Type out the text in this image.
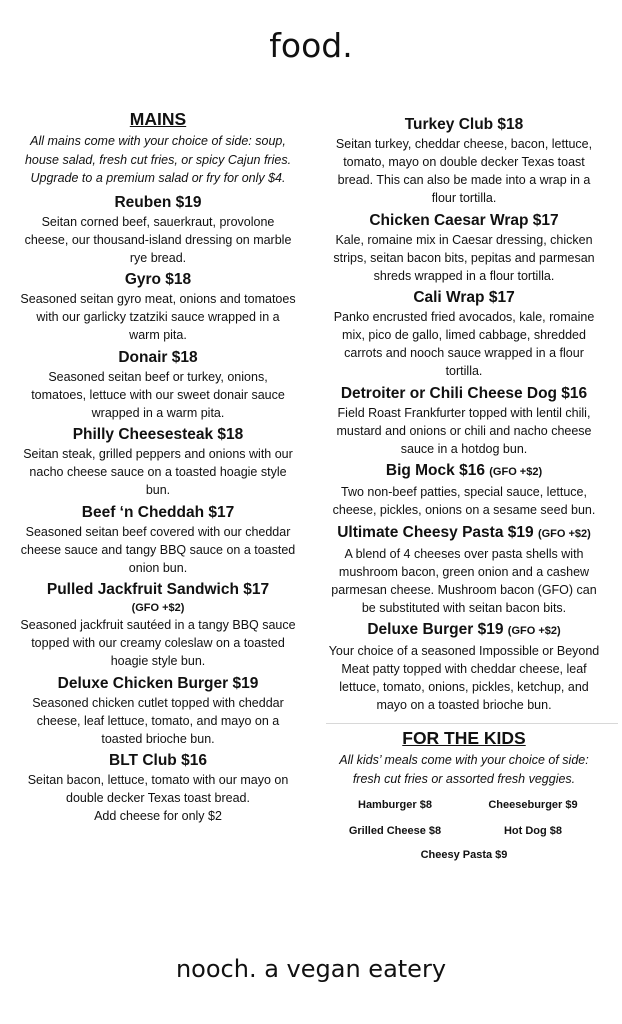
food.
MAINS
All mains come with your choice of side: soup, house salad, fresh cut fries, or spicy Cajun fries. Upgrade to a premium salad or fry for only $4.
Reuben $19
Seitan corned beef, sauerkraut, provolone cheese, our thousand-island dressing on marble rye bread.
Gyro $18
Seasoned seitan gyro meat, onions and tomatoes with our garlicky tzatziki sauce wrapped in a warm pita.
Donair $18
Seasoned seitan beef or turkey, onions, tomatoes, lettuce with our sweet donair sauce wrapped in a warm pita.
Philly Cheesesteak $18
Seitan steak, grilled peppers and onions with our nacho cheese sauce on a toasted hoagie style bun.
Beef ‘n Cheddah $17
Seasoned seitan beef covered with our cheddar cheese sauce and tangy BBQ sauce on a toasted onion bun.
Pulled Jackfruit Sandwich $17
(GFO +$2)
Seasoned jackfruit sautéed in a tangy BBQ sauce topped with our creamy coleslaw on a toasted hoagie style bun.
Deluxe Chicken Burger $19
Seasoned chicken cutlet topped with cheddar cheese, leaf lettuce, tomato, and mayo on a toasted brioche bun.
BLT Club $16
Seitan bacon, lettuce, tomato with our mayo on double decker Texas toast bread.
Add cheese for only $2
Turkey Club $18
Seitan turkey, cheddar cheese, bacon, lettuce, tomato, mayo on double decker Texas toast bread. This can also be made into a wrap in a flour tortilla.
Chicken Caesar Wrap $17
Kale, romaine mix in Caesar dressing, chicken strips, seitan bacon bits, pepitas and parmesan shreds wrapped in a flour tortilla.
Cali Wrap $17
Panko encrusted fried avocados, kale, romaine mix, pico de gallo, limed cabbage, shredded carrots and nooch sauce wrapped in a flour tortilla.
Detroiter or Chili Cheese Dog $16
Field Roast Frankfurter topped with lentil chili, mustard and onions or chili and nacho cheese sauce in a hotdog bun.
Big Mock $16 (GFO +$2)
Two non-beef patties, special sauce, lettuce, cheese, pickles, onions on a sesame seed bun.
Ultimate Cheesy Pasta $19 (GFO +$2)
A blend of 4 cheeses over pasta shells with mushroom bacon, green onion and a cashew parmesan cheese. Mushroom bacon (GFO) can be substituted with seitan bacon bits.
Deluxe Burger $19 (GFO +$2)
Your choice of a seasoned Impossible or Beyond Meat patty topped with cheddar cheese, leaf lettuce, tomato, onions, pickles, ketchup, and mayo on a toasted brioche bun.
FOR THE KIDS
All kids’ meals come with your choice of side: fresh cut fries or assorted fresh veggies.
Hamburger $8	Cheeseburger $9
Grilled Cheese $8	Hot Dog $8
Cheesy Pasta $9
nooch. a vegan eatery
